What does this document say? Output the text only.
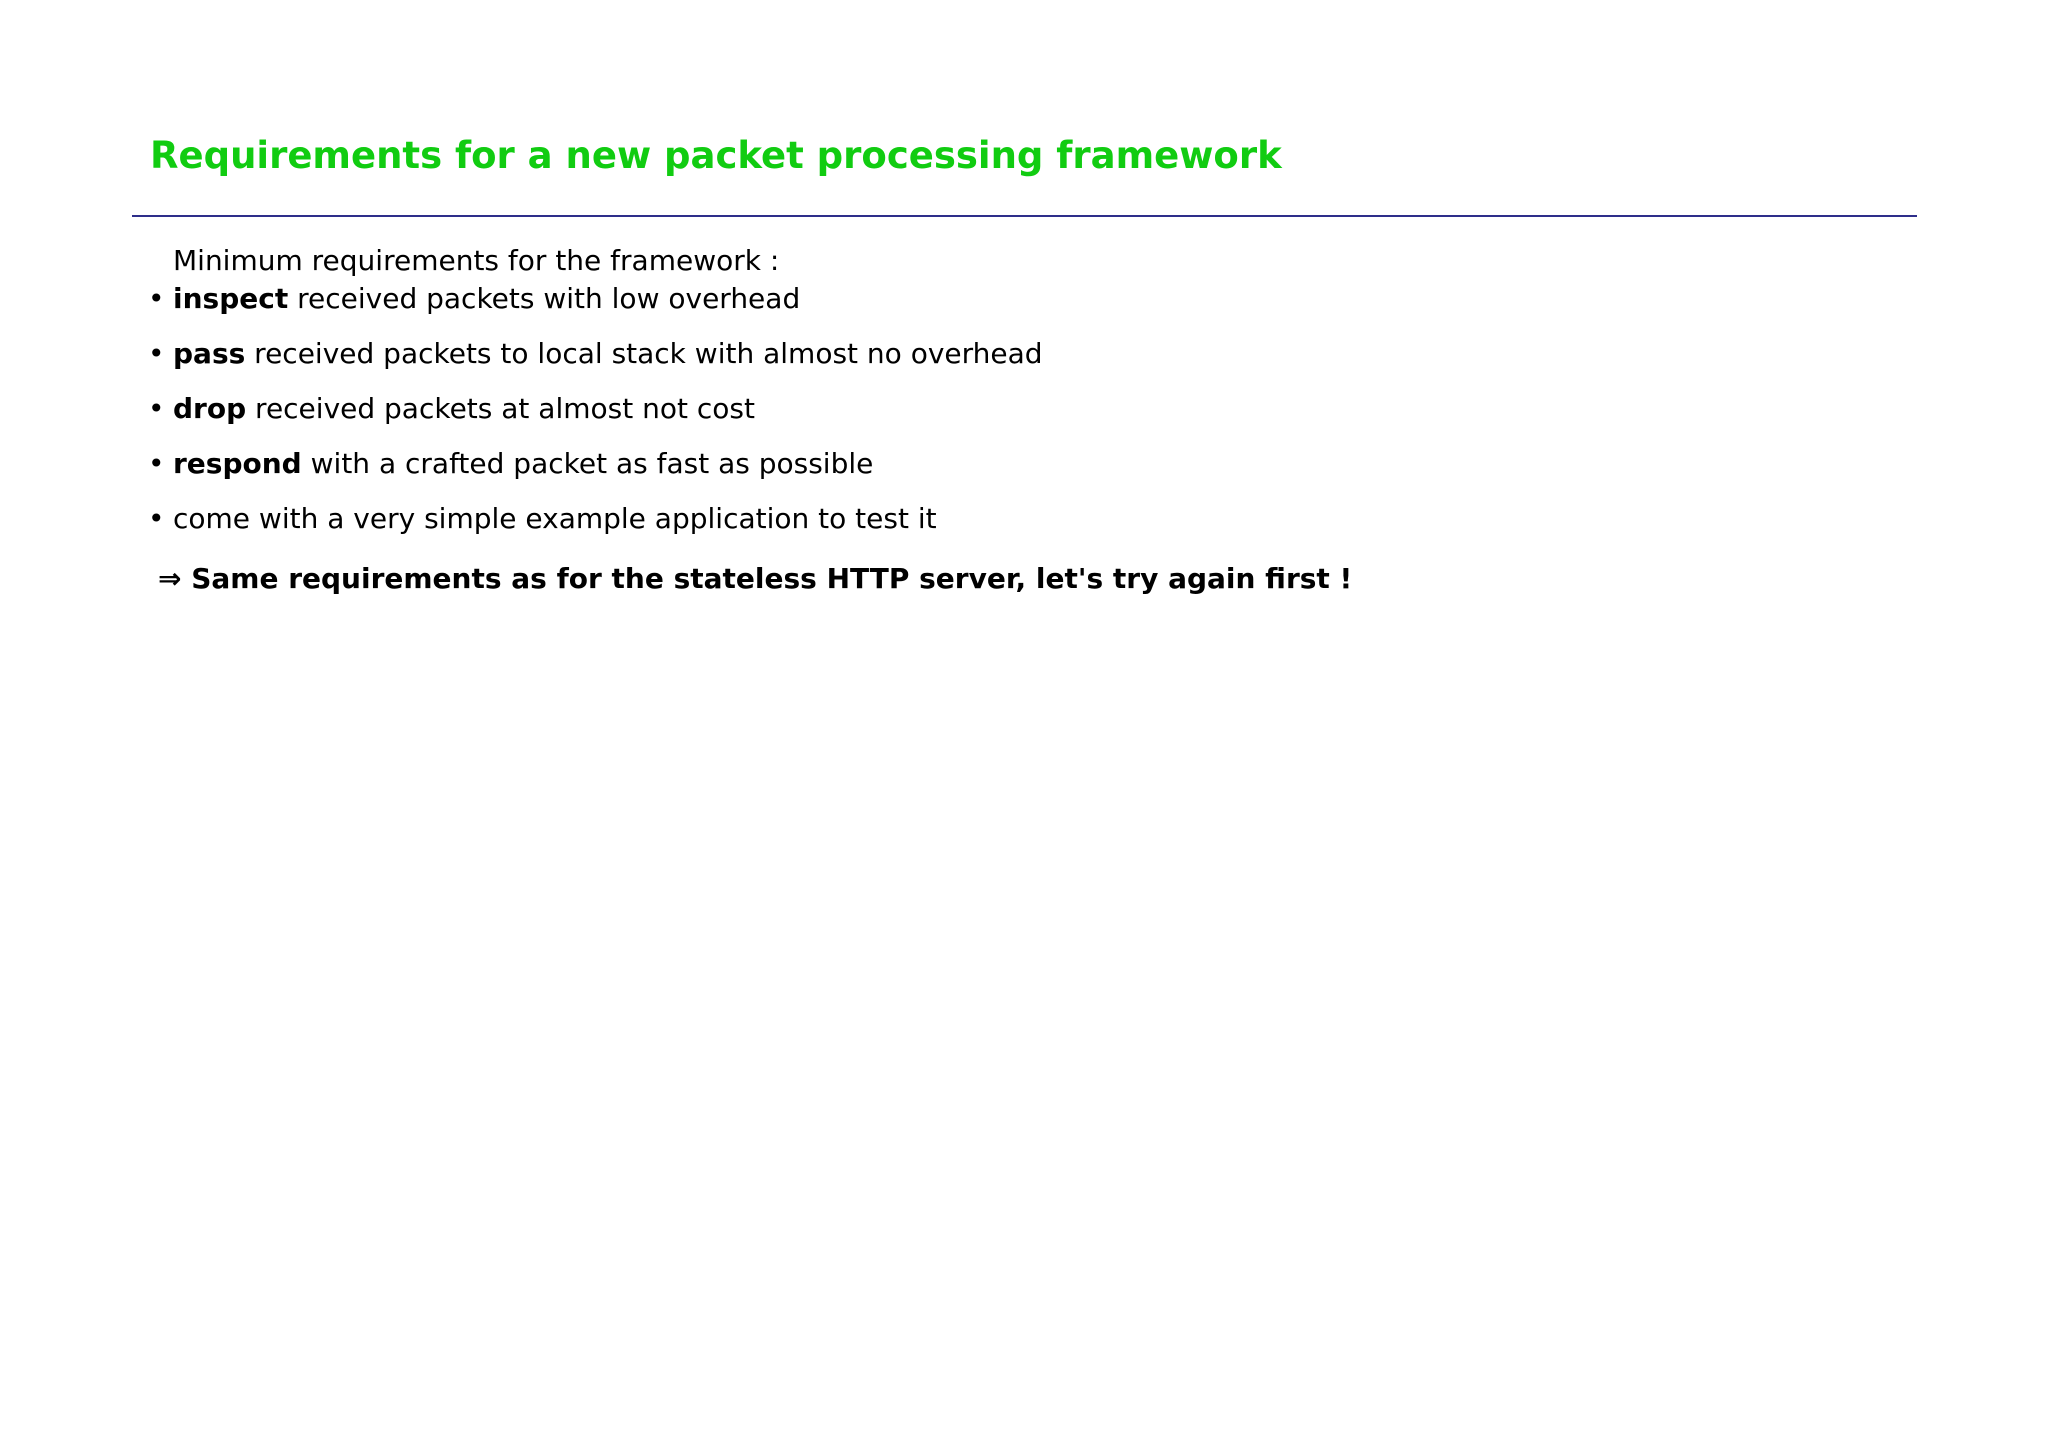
Requirements for a new packet processing framework

Minimum requirements for the framework :

• inspect received packets with low overhead
• pass received packets to local stack with almost no overhead
• drop received packets at almost not cost
• respond with a crafted packet as fast as possible
• come with a very simple example application to test it

⇒ Same requirements as for the stateless HTTP server, let's try again first !
